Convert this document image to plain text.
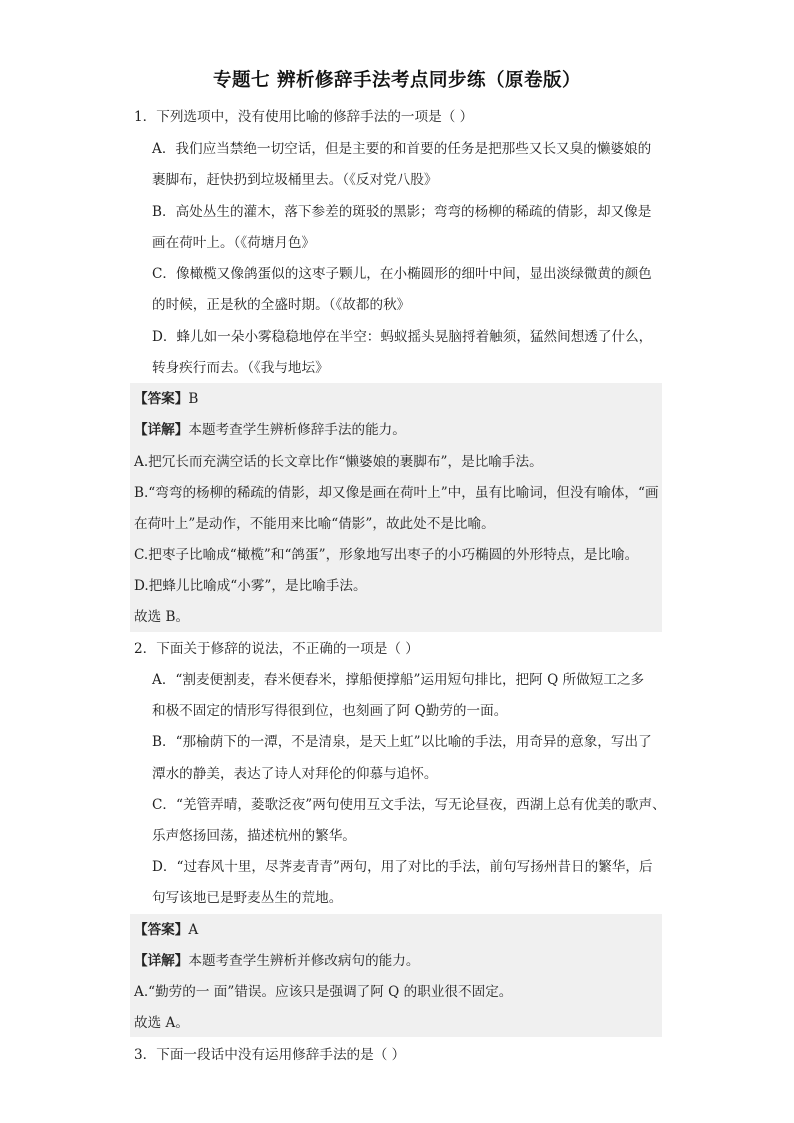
专题七 辨析修辞手法考点同步练（原卷版）
1．下列选项中，没有使用比喻的修辞手法的一项是（ ）
A．我们应当禁绝一切空话，但是主要的和首要的任务是把那些又长又臭的懒婆娘的
裹脚布，赶快扔到垃圾桶里去。（《反对党八股》
B．高处丛生的灌木，落下参差的斑驳的黑影；弯弯的杨柳的稀疏的倩影，却又像是
画在荷叶上。（《荷塘月色》
C．像橄榄又像鸽蛋似的这枣子颗儿，在小椭圆形的细叶中间，显出淡绿微黄的颜色
的时候，正是秋的全盛时期。（《故都的秋》
D．蜂儿如一朵小雾稳稳地停在半空：蚂蚁摇头晃脑捋着触须，猛然间想透了什么，
转身疾行而去。（《我与地坛》
【答案】B
【详解】本题考查学生辨析修辞手法的能力。
A.把冗长而充满空话的长文章比作“懒婆娘的裹脚布”，是比喻手法。
B.“弯弯的杨柳的稀疏的倩影，却又像是画在荷叶上”中，虽有比喻词，但没有喻体，“画
在荷叶上”是动作，不能用来比喻“倩影”，故此处不是比喻。
C.把枣子比喻成“橄榄”和“鸽蛋”，形象地写出枣子的小巧椭圆的外形特点，是比喻。
D.把蜂儿比喻成“小雾”，是比喻手法。
故选 B。
2．下面关于修辞的说法，不正确的一项是（ ）
A．“割麦便割麦，舂米便舂米，撑船便撑船”运用短句排比，把阿 Q 所做短工之多
和极不固定的情形写得很到位，也刻画了阿 Q勤劳的一面。
B．“那榆荫下的一潭，不是清泉，是天上虹”以比喻的手法，用奇异的意象，写出了
潭水的静美，表达了诗人对拜伦的仰慕与追怀。
C．“羌管弄晴，菱歌泛夜”两句使用互文手法，写无论昼夜，西湖上总有优美的歌声、
乐声悠扬回荡，描述杭州的繁华。
D．“过春风十里，尽荠麦青青”两句，用了对比的手法，前句写扬州昔日的繁华，后
句写该地已是野麦丛生的荒地。
【答案】A
【详解】本题考查学生辨析并修改病句的能力。
A.“勤劳的一 面”错误。应该只是强调了阿 Q 的职业很不固定。
故选 A。
3．下面一段话中没有运用修辞手法的是（ ）
